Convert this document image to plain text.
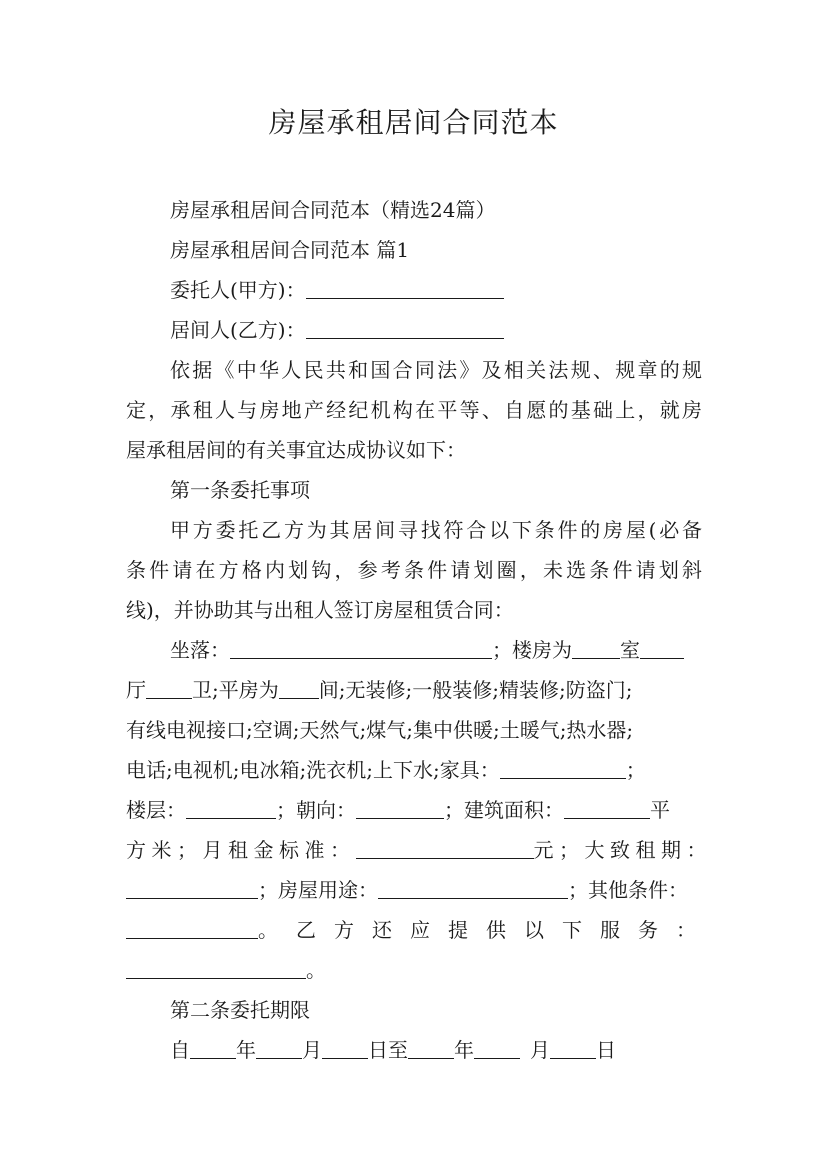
房屋承租居间合同范本
房屋承租居间合同范本（精选24篇）
房屋承租居间合同范本 篇1
委托人(甲方)：
居间人(乙方)：
依据《中华人民共和国合同法》及相关法规、规章的规
定，承租人与房地产经纪机构在平等、自愿的基础上，就房
屋承租居间的有关事宜达成协议如下：
第一条委托事项
甲方委托乙方为其居间寻找符合以下条件的房屋(必备
条件请在方格内划钩，参考条件请划圈，未选条件请划斜
线)，并协助其与出租人签订房屋租赁合同：
坐落：	；楼房为 室
厅 卫;平房为 间;无装修;一般装修;精装修;防盗门;
有线电视接口;空调;天然气;煤气;集中供暖;土暖气;热水器;
电话;电视机;电冰箱;洗衣机;上下水;家具：	；
楼层：	；朝向：	；建筑面积：	平
方米；月租金标准：	元；大致租期：
；房屋用途：	；其他条件：
。乙方还应提供以下服务：
。
第二条委托期限
自 年 月 日至 年	月 日
